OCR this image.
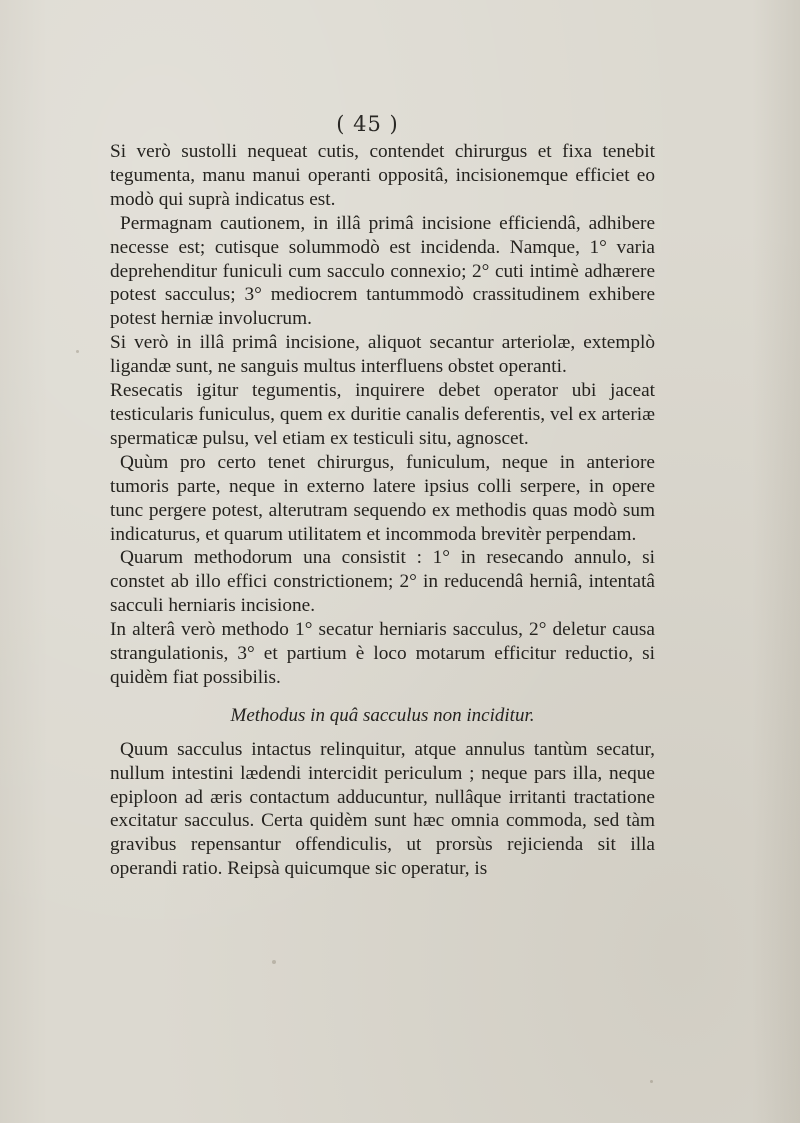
( 45 )

Si verò sustolli nequeat cutis, contendet chirurgus et fixa tenebit tegumenta, manu manui operanti oppositâ, incisionemque efficiet eo modò qui suprà indicatus est.

Permagnam cautionem, in illâ primâ incisione efficiendâ, adhibere necesse est; cutisque solummodò est incidenda. Namque, 1° varia deprehenditur funiculi cum sacculo connexio; 2° cuti intimè adhærere potest sacculus; 3° mediocrem tantummodò crassitudinem exhibere potest herniæ involucrum.

Si verò in illâ primâ incisione, aliquot secantur arteriolæ, extemplò ligandæ sunt, ne sanguis multus interfluens obstet operanti.

Resecatis igitur tegumentis, inquirere debet operator ubi jaceat testicularis funiculus, quem ex duritie canalis deferentis, vel ex arteriæ spermaticæ pulsu, vel etiam ex testiculi situ, agnoscet.

Quùm pro certo tenet chirurgus, funiculum, neque in anteriore tumoris parte, neque in externo latere ipsius colli serpere, in opere tunc pergere potest, alterutram sequendo ex methodis quas modò sum indicaturus, et quarum utilitatem et incommoda brevitèr perpendam.

Quarum methodorum una consistit : 1° in resecando annulo, si constet ab illo effici constrictionem; 2° in reducendâ herniâ, intentatâ sacculi herniaris incisione.

In alterâ verò methodo 1° secatur herniaris sacculus, 2° deletur causa strangulationis, 3° et partium è loco motarum efficitur reductio, si quidèm fiat possibilis.

Methodus in quâ sacculus non inciditur.

Quum sacculus intactus relinquitur, atque annulus tantùm secatur, nullum intestini lædendi intercidit periculum ; neque pars illa, neque epiploon ad æris contactum adducuntur, nullâque irritanti tractatione excitatur sacculus. Certa quidèm sunt hæc omnia commoda, sed tàm gravibus repensantur offendiculis, ut prorsùs rejicienda sit illa operandi ratio. Reipsà quicumque sic operatur, is
